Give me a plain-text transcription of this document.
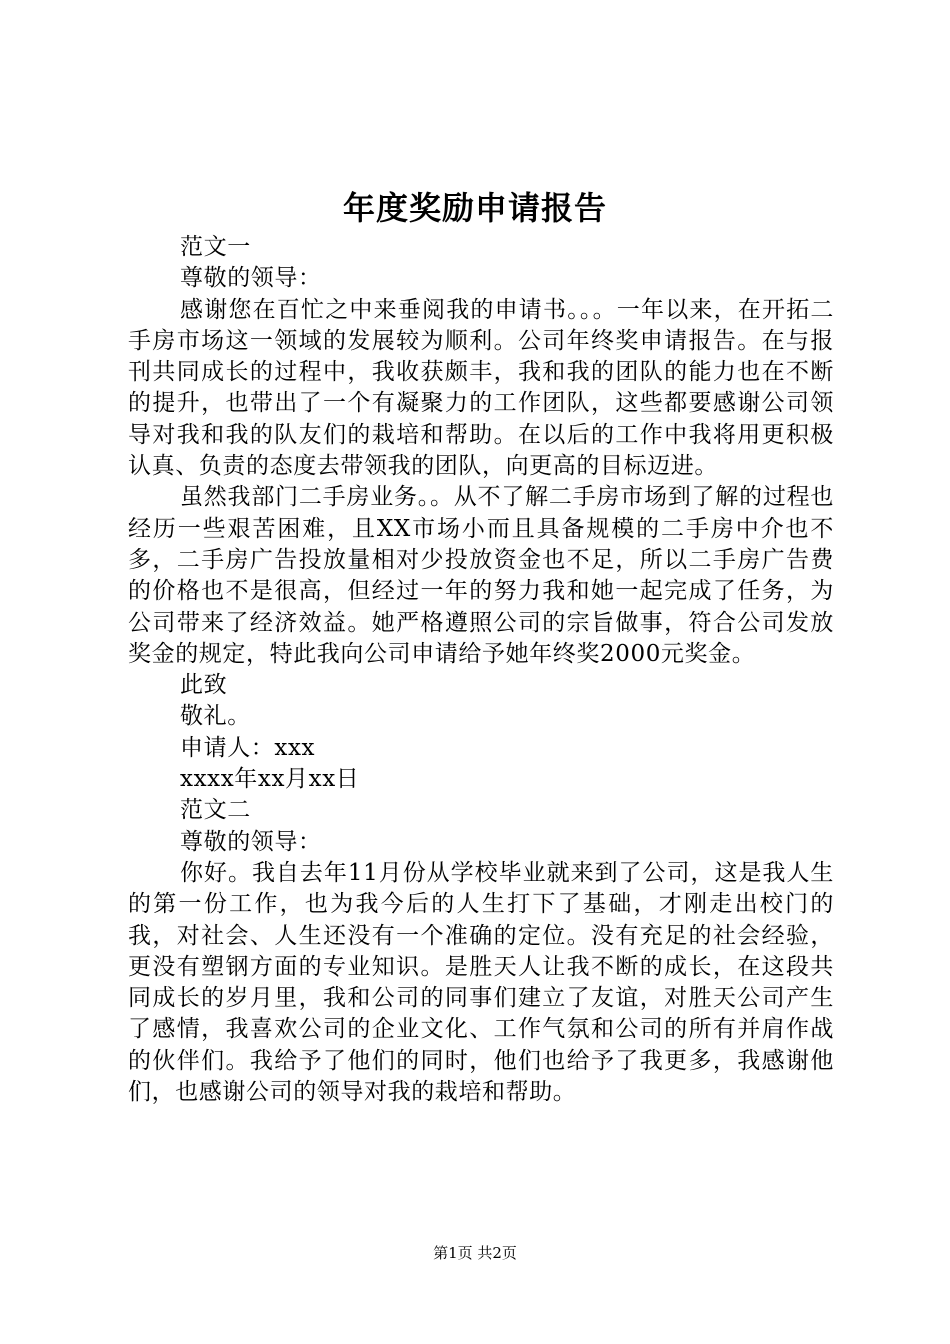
年度奖励申请报告

范文一

尊敬的领导：

感谢您在百忙之中来垂阅我的申请书。。。一年以来，在开拓二手房市场这一领域的发展较为顺利。公司年终奖申请报告。在与报刊共同成长的过程中，我收获颇丰，我和我的团队的能力也在不断的提升，也带出了一个有凝聚力的工作团队，这些都要感谢公司领导对我和我的队友们的栽培和帮助。在以后的工作中我将用更积极认真、负责的态度去带领我的团队，向更高的目标迈进。

虽然我部门二手房业务。。从不了解二手房市场到了解的过程也经历一些艰苦困难，且XX市场小而且具备规模的二手房中介也不多，二手房广告投放量相对少投放资金也不足，所以二手房广告费的价格也不是很高，但经过一年的努力我和她一起完成了任务，为公司带来了经济效益。她严格遵照公司的宗旨做事，符合公司发放奖金的规定，特此我向公司申请给予她年终奖2000元奖金。

此致

敬礼。

申请人：xxx

xxxx年xx月xx日

范文二

尊敬的领导：

你好。我自去年11月份从学校毕业就来到了公司，这是我人生的第一份工作，也为我今后的人生打下了基础，才刚走出校门的我，对社会、人生还没有一个准确的定位。没有充足的社会经验，更没有塑钢方面的专业知识。是胜天人让我不断的成长，在这段共同成长的岁月里，我和公司的同事们建立了友谊，对胜天公司产生了感情，我喜欢公司的企业文化、工作气氛和公司的所有并肩作战的伙伴们。我给予了他们的同时，他们也给予了我更多，我感谢他们，也感谢公司的领导对我的栽培和帮助。

第1页 共2页
